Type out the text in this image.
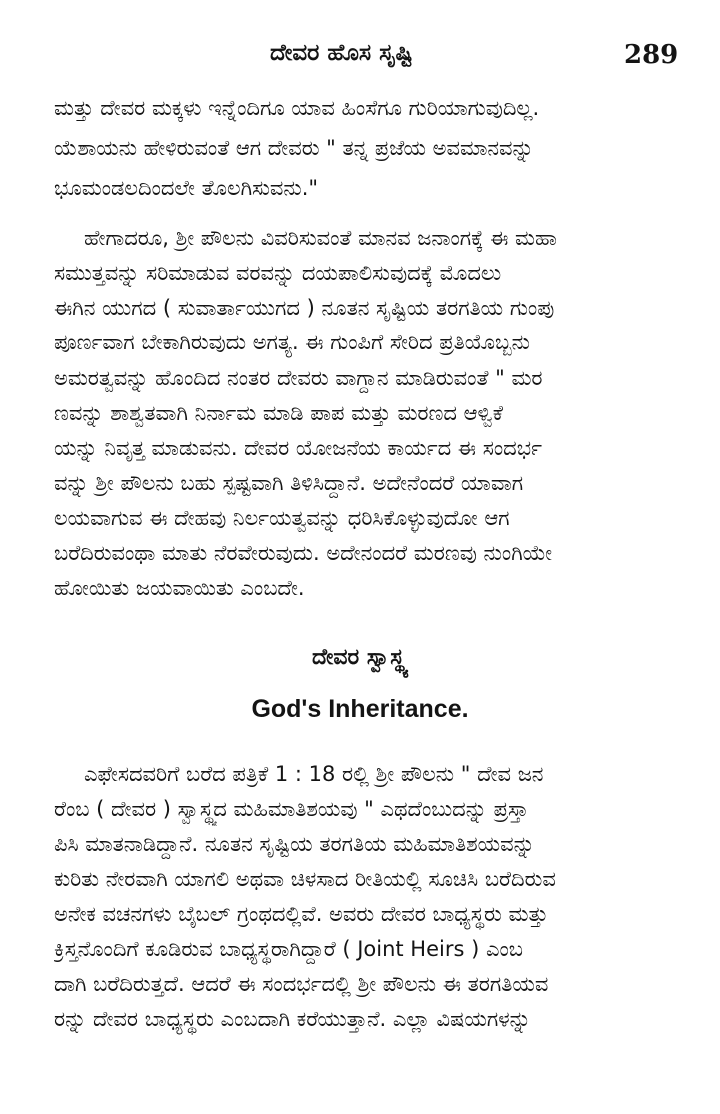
ದೇವರ ಹೊಸ ಸೃಷ್ಟಿ	289
ಮತ್ತು ದೇವರ ಮಕ್ಕಳು ಇನ್ನೆಂದಿಗೂ ಯಾವ ಹಿಂಸೆಗೂ ಗುರಿಯಾಗುವುದಿಲ್ಲ.
ಯೆಶಾಯನು ಹೇಳಿರುವಂತೆ ಆಗ ದೇವರು " ತನ್ನ ಪ್ರಜೆಯ ಅವಮಾನವನ್ನು
ಭೂಮಂಡಲದಿಂದಲೇ ತೊಲಗಿಸುವನು."
ಹೇಗಾದರೂ, ಶ್ರೀ ಪೌಲನು ವಿವರಿಸುವಂತೆ ಮಾನವ ಜನಾಂಗಕ್ಕೆ ಈ ಮಹಾ
ಸಮುತ್ತವನ್ನು ಸರಿಮಾಡುವ ವರವನ್ನು ದಯಪಾಲಿಸುವುದಕ್ಕೆ ಮೊದಲು
ಈಗಿನ ಯುಗದ ( ಸುವಾರ್ತಾಯುಗದ ) ನೂತನ ಸೃಷ್ಟಿಯ ತರಗತಿಯ ಗುಂಪು
ಪೂರ್ಣವಾಗ ಬೇಕಾಗಿರುವುದು ಅಗತ್ಯ. ಈ ಗುಂಪಿಗೆ ಸೇರಿದ ಪ್ರತಿಯೊಬ್ಬನು
ಅಮರತ್ವವನ್ನು ಹೊಂದಿದ ನಂತರ ದೇವರು ವಾಗ್ದಾನ ಮಾಡಿರುವಂತೆ " ಮರ
ಣವನ್ನು ಶಾಶ್ವತವಾಗಿ ನಿರ್ನಾಮ ಮಾಡಿ ಪಾಪ ಮತ್ತು ಮರಣದ ಆಳ್ವಿಕೆ
ಯನ್ನು ನಿವೃತ್ತ ಮಾಡುವನು. ದೇವರ ಯೋಜನೆಯ ಕಾರ್ಯದ ಈ ಸಂದರ್ಭ
ವನ್ನು ಶ್ರೀ ಪೌಲನು ಬಹು ಸ್ಪಷ್ಟವಾಗಿ ತಿಳಿಸಿದ್ದಾನೆ. ಅದೇನೆಂದರೆ ಯಾವಾಗ
ಲಯವಾಗುವ ಈ ದೇಹವು ನಿರ್ಲಯತ್ವವನ್ನು ಧರಿಸಿಕೊಳ್ಳುವುದೋ ಆಗ
ಬರೆದಿರುವಂಥಾ ಮಾತು ನೆರವೇರುವುದು. ಅದೇನಂದರೆ ಮರಣವು ನುಂಗಿಯೇ
ಹೋಯಿತು ಜಯವಾಯಿತು ಎಂಬದೇ.
ದೇವರ ಸ್ವಾಸ್ಥ್ಯ
God's Inheritance.
ಎಫೇಸದವರಿಗೆ ಬರೆದ ಪತ್ರಿಕೆ 1 : 18 ರಲ್ಲಿ ಶ್ರೀ ಪೌಲನು " ದೇವ ಜನ
ರೆಂಬ ( ದೇವರ ) ಸ್ವಾಸ್ಥ್ಯದ ಮಹಿಮಾತಿಶಯವು " ಎಥದೆಂಬುದನ್ನು ಪ್ರಸ್ತಾ
ಪಿಸಿ ಮಾತನಾಡಿದ್ದಾನೆ. ನೂತನ ಸೃಷ್ಟಿಯ ತರಗತಿಯ ಮಹಿಮಾತಿಶಯವನ್ನು
ಕುರಿತು ನೇರವಾಗಿ ಯಾಗಲಿ ಅಥವಾ ಚಿಳಸಾದ ರೀತಿಯಲ್ಲಿ ಸೂಚಿಸಿ ಬರೆದಿರುವ
ಅನೇಕ ವಚನಗಳು ಬೈಬಲ್ ಗ್ರಂಥದಲ್ಲಿವೆ. ಅವರು ದೇವರ ಬಾಧ್ಯಸ್ಥರು ಮತ್ತು
ಕ್ರಿಸ್ತನೊಂದಿಗೆ ಕೂಡಿರುವ ಬಾಧ್ಯಸ್ಥರಾಗಿದ್ದಾರೆ ( Joint Heirs ) ಎಂಬ
ದಾಗಿ ಬರೆದಿರುತ್ತದೆ. ಆದರೆ ಈ ಸಂದರ್ಭದಲ್ಲಿ ಶ್ರೀ ಪೌಲನು ಈ ತರಗತಿಯವ
ರನ್ನು ದೇವರ ಬಾಧ್ಯಸ್ಥರು ಎಂಬದಾಗಿ ಕರೆಯುತ್ತಾನೆ. ಎಲ್ಲಾ ವಿಷಯಗಳನ್ನು
